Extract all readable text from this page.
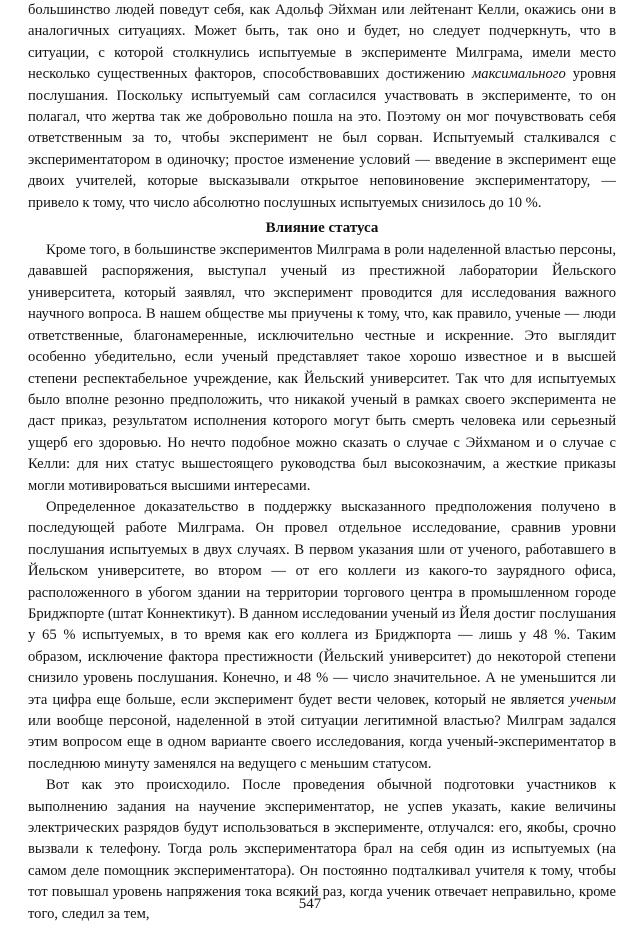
большинство людей поведут себя, как Адольф Эйхман или лейтенант Келли, окажись они в аналогичных ситуациях. Может быть, так оно и будет, но следует подчеркнуть, что в ситуации, с которой столкнулись испытуемые в эксперименте Милграма, имели место несколько существенных факторов, способствовавших достижению максимального уровня послушания. Поскольку испытуемый сам согласился участвовать в эксперименте, то он полагал, что жертва так же добровольно пошла на это. Поэтому он мог почувствовать себя ответственным за то, чтобы эксперимент не был сорван. Испытуемый сталкивался с экспериментатором в одиночку; простое изменение условий — введение в эксперимент еще двоих учителей, которые высказывали открытое неповиновение экспериментатору, — привело к тому, что число абсолютно послушных испытуемых снизилось до 10 %.

Влияние статуса

Кроме того, в большинстве экспериментов Милграма в роли наделенной властью персоны, дававшей распоряжения, выступал ученый из престижной лаборатории Йельского университета, который заявлял, что эксперимент проводится для исследования важного научного вопроса. В нашем обществе мы приучены к тому, что, как правило, ученые — люди ответственные, благонамеренные, исключительно честные и искренние. Это выглядит особенно убедительно, если ученый представляет такое хорошо известное и в высшей степени респектабельное учреждение, как Йельский университет. Так что для испытуемых было вполне резонно предположить, что никакой ученый в рамках своего эксперимента не даст приказ, результатом исполнения которого могут быть смерть человека или серьезный ущерб его здоровью. Но нечто подобное можно сказать о случае с Эйхманом и о случае с Келли: для них статус вышестоящего руководства был высокозначим, а жесткие приказы могли мотивироваться высшими интересами.

Определенное доказательство в поддержку высказанного предположения получено в последующей работе Милграма. Он провел отдельное исследование, сравнив уровни послушания испытуемых в двух случаях. В первом указания шли от ученого, работавшего в Йельском университете, во втором — от его коллеги из какого-то заурядного офиса, расположенного в убогом здании на территории торгового центра в промышленном городе Бриджпорте (штат Коннектикут). В данном исследовании ученый из Йеля достиг послушания у 65 % испытуемых, в то время как его коллега из Бриджпорта — лишь у 48 %. Таким образом, исключение фактора престижности (Йельский университет) до некоторой степени снизило уровень послушания. Конечно, и 48 % — число значительное. А не уменьшится ли эта цифра еще больше, если эксперимент будет вести человек, который не является ученым или вообще персоной, наделенной в этой ситуации легитимной властью? Милграм задался этим вопросом еще в одном варианте своего исследования, когда ученый-экспериментатор в последнюю минуту заменялся на ведущего с меньшим статусом.

Вот как это происходило. После проведения обычной подготовки участников к выполнению задания на научение экспериментатор, не успев указать, какие величины электрических разрядов будут использоваться в эксперименте, отлучался: его, якобы, срочно вызвали к телефону. Тогда роль экспериментатора брал на себя один из испытуемых (на самом деле помощник экспериментатора). Он постоянно подталкивал учителя к тому, чтобы тот повышал уровень напряжения тока всякий раз, когда ученик отвечает неправильно, кроме того, следил за тем,

547
